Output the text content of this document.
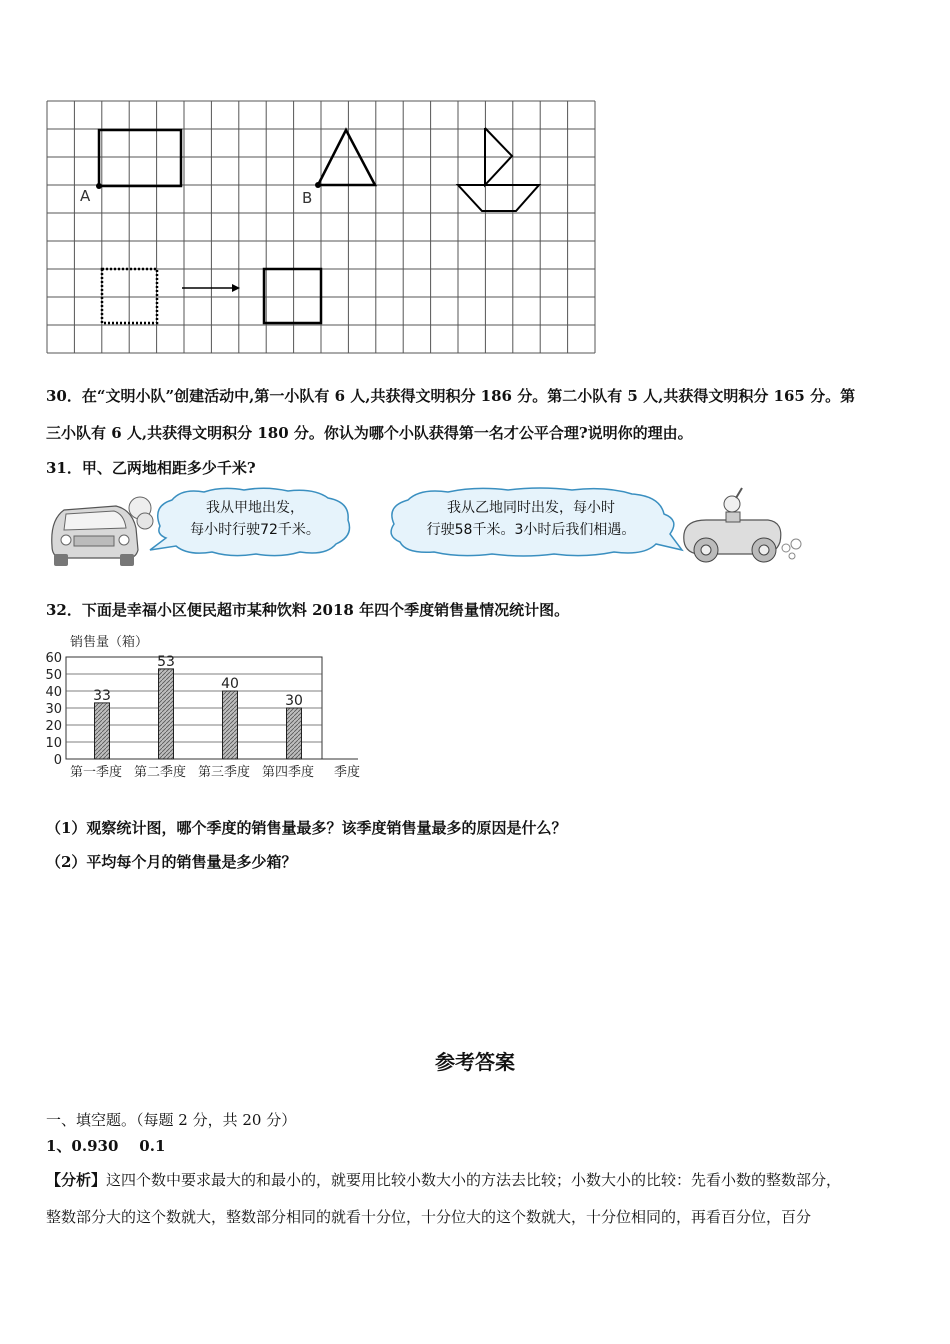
A	B
30．在“文明小队”创建活动中,第一小队有 6 人,共获得文明积分 186 分。第二小队有 5 人,共获得文明积分 165 分。第
三小队有 6 人,共获得文明积分 180 分。你认为哪个小队获得第一名才公平合理?说明你的理由。
31．甲、乙两地相距多少千米?
我从甲地出发，
每小时行驶72千米。
我从乙地同时出发，每小时
行驶58千米。3小时后我们相遇。
32．下面是幸福小区便民超市某种饮料 2018 年四个季度销售量情况统计图。
销售量（箱）
0
10
20
30
40
50
60
33
53
40
30
第一季度 第二季度 第三季度 第四季度 季度
（1）观察统计图，哪个季度的销售量最多？该季度销售量最多的原因是什么？
（2）平均每个月的销售量是多少箱？
参考答案
一、填空题。（每题 2 分，共 20 分）
1、0.930    0.1
【分析】这四个数中要求最大的和最小的，就要用比较小数大小的方法去比较；小数大小的比较：先看小数的整数部分，
整数部分大的这个数就大，整数部分相同的就看十分位，十分位大的这个数就大，十分位相同的，再看百分位，百分
